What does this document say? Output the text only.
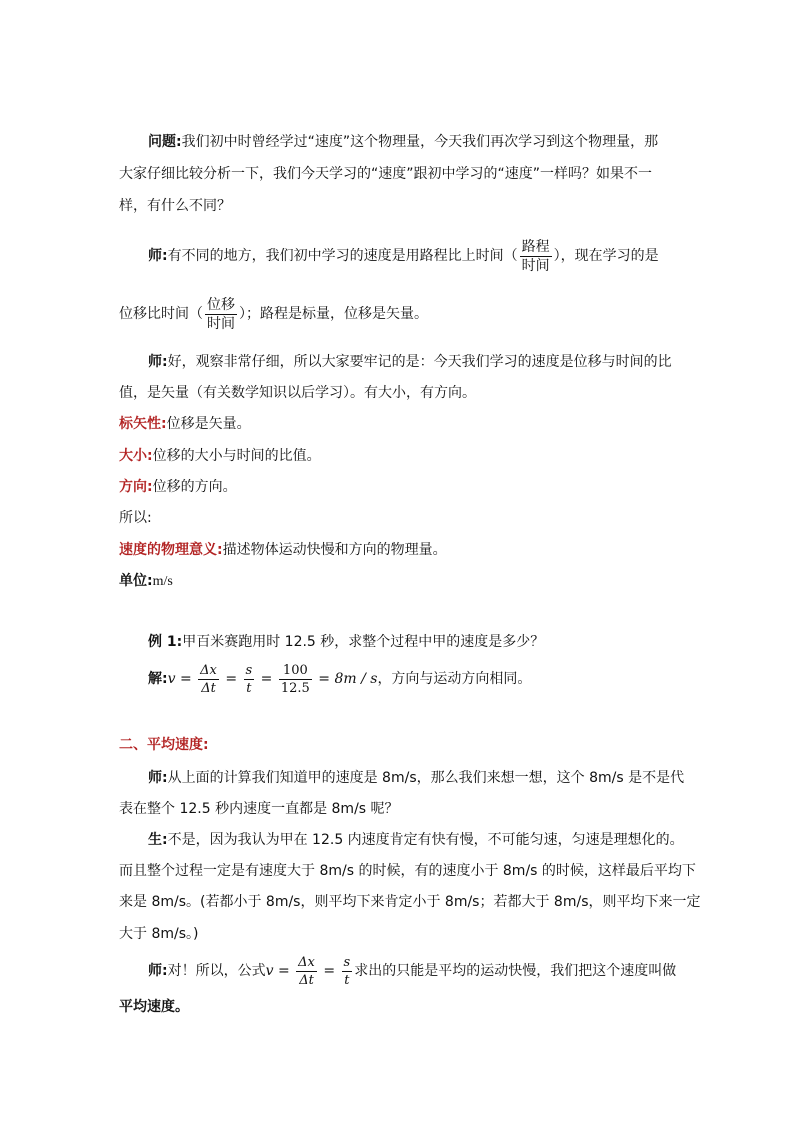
问题:我们初中时曾经学过“速度”这个物理量，今天我们再次学习到这个物理量，那
大家仔细比较分析一下，我们今天学习的“速度”跟初中学习的“速度”一样吗？如果不一
样，有什么不同？
师:有不同的地方，我们初中学习的速度是用路程比上时间（ $\frac{\text{路程}}{\text{时间}}$ ），现在学习的是
位移比时间（ $\frac{\text{位移}}{\text{时间}}$ ）；路程是标量，位移是矢量。
师:好，观察非常仔细，所以大家要牢记的是：今天我们学习的速度是位移与时间的比
值，是矢量（有关数学知识以后学习）。有大小，有方向。
标矢性:位移是矢量。
大小:位移的大小与时间的比值。
方向:位移的方向。
所以:
速度的物理意义:描述物体运动快慢和方向的物理量。
单位:m/s
例 1:甲百米赛跑用时 12.5 秒，求整个过程中甲的速度是多少？
解:v = $\frac{\Delta x}{\Delta t} = \frac{s}{t} = \frac{100}{12.5} = 8m / s$，方向与运动方向相同。
二、平均速度:
师:从上面的计算我们知道甲的速度是 8m/s，那么我们来想一想，这个 8m/s 是不是代
表在整个 12.5 秒内速度一直都是 8m/s 呢？
生:不是，因为我认为甲在 12.5 内速度肯定有快有慢，不可能匀速，匀速是理想化的。
而且整个过程一定是有速度大于 8m/s 的时候，有的速度小于 8m/s 的时候，这样最后平均下
来是 8m/s。(若都小于 8m/s，则平均下来肯定小于 8m/s；若都大于 8m/s，则平均下来一定
大于 8m/s。)
师:对！所以，公式$v = \frac{\Delta x}{\Delta t} = \frac{s}{t}$ 求出的只能是平均的运动快慢，我们把这个速度叫做
平均速度。
